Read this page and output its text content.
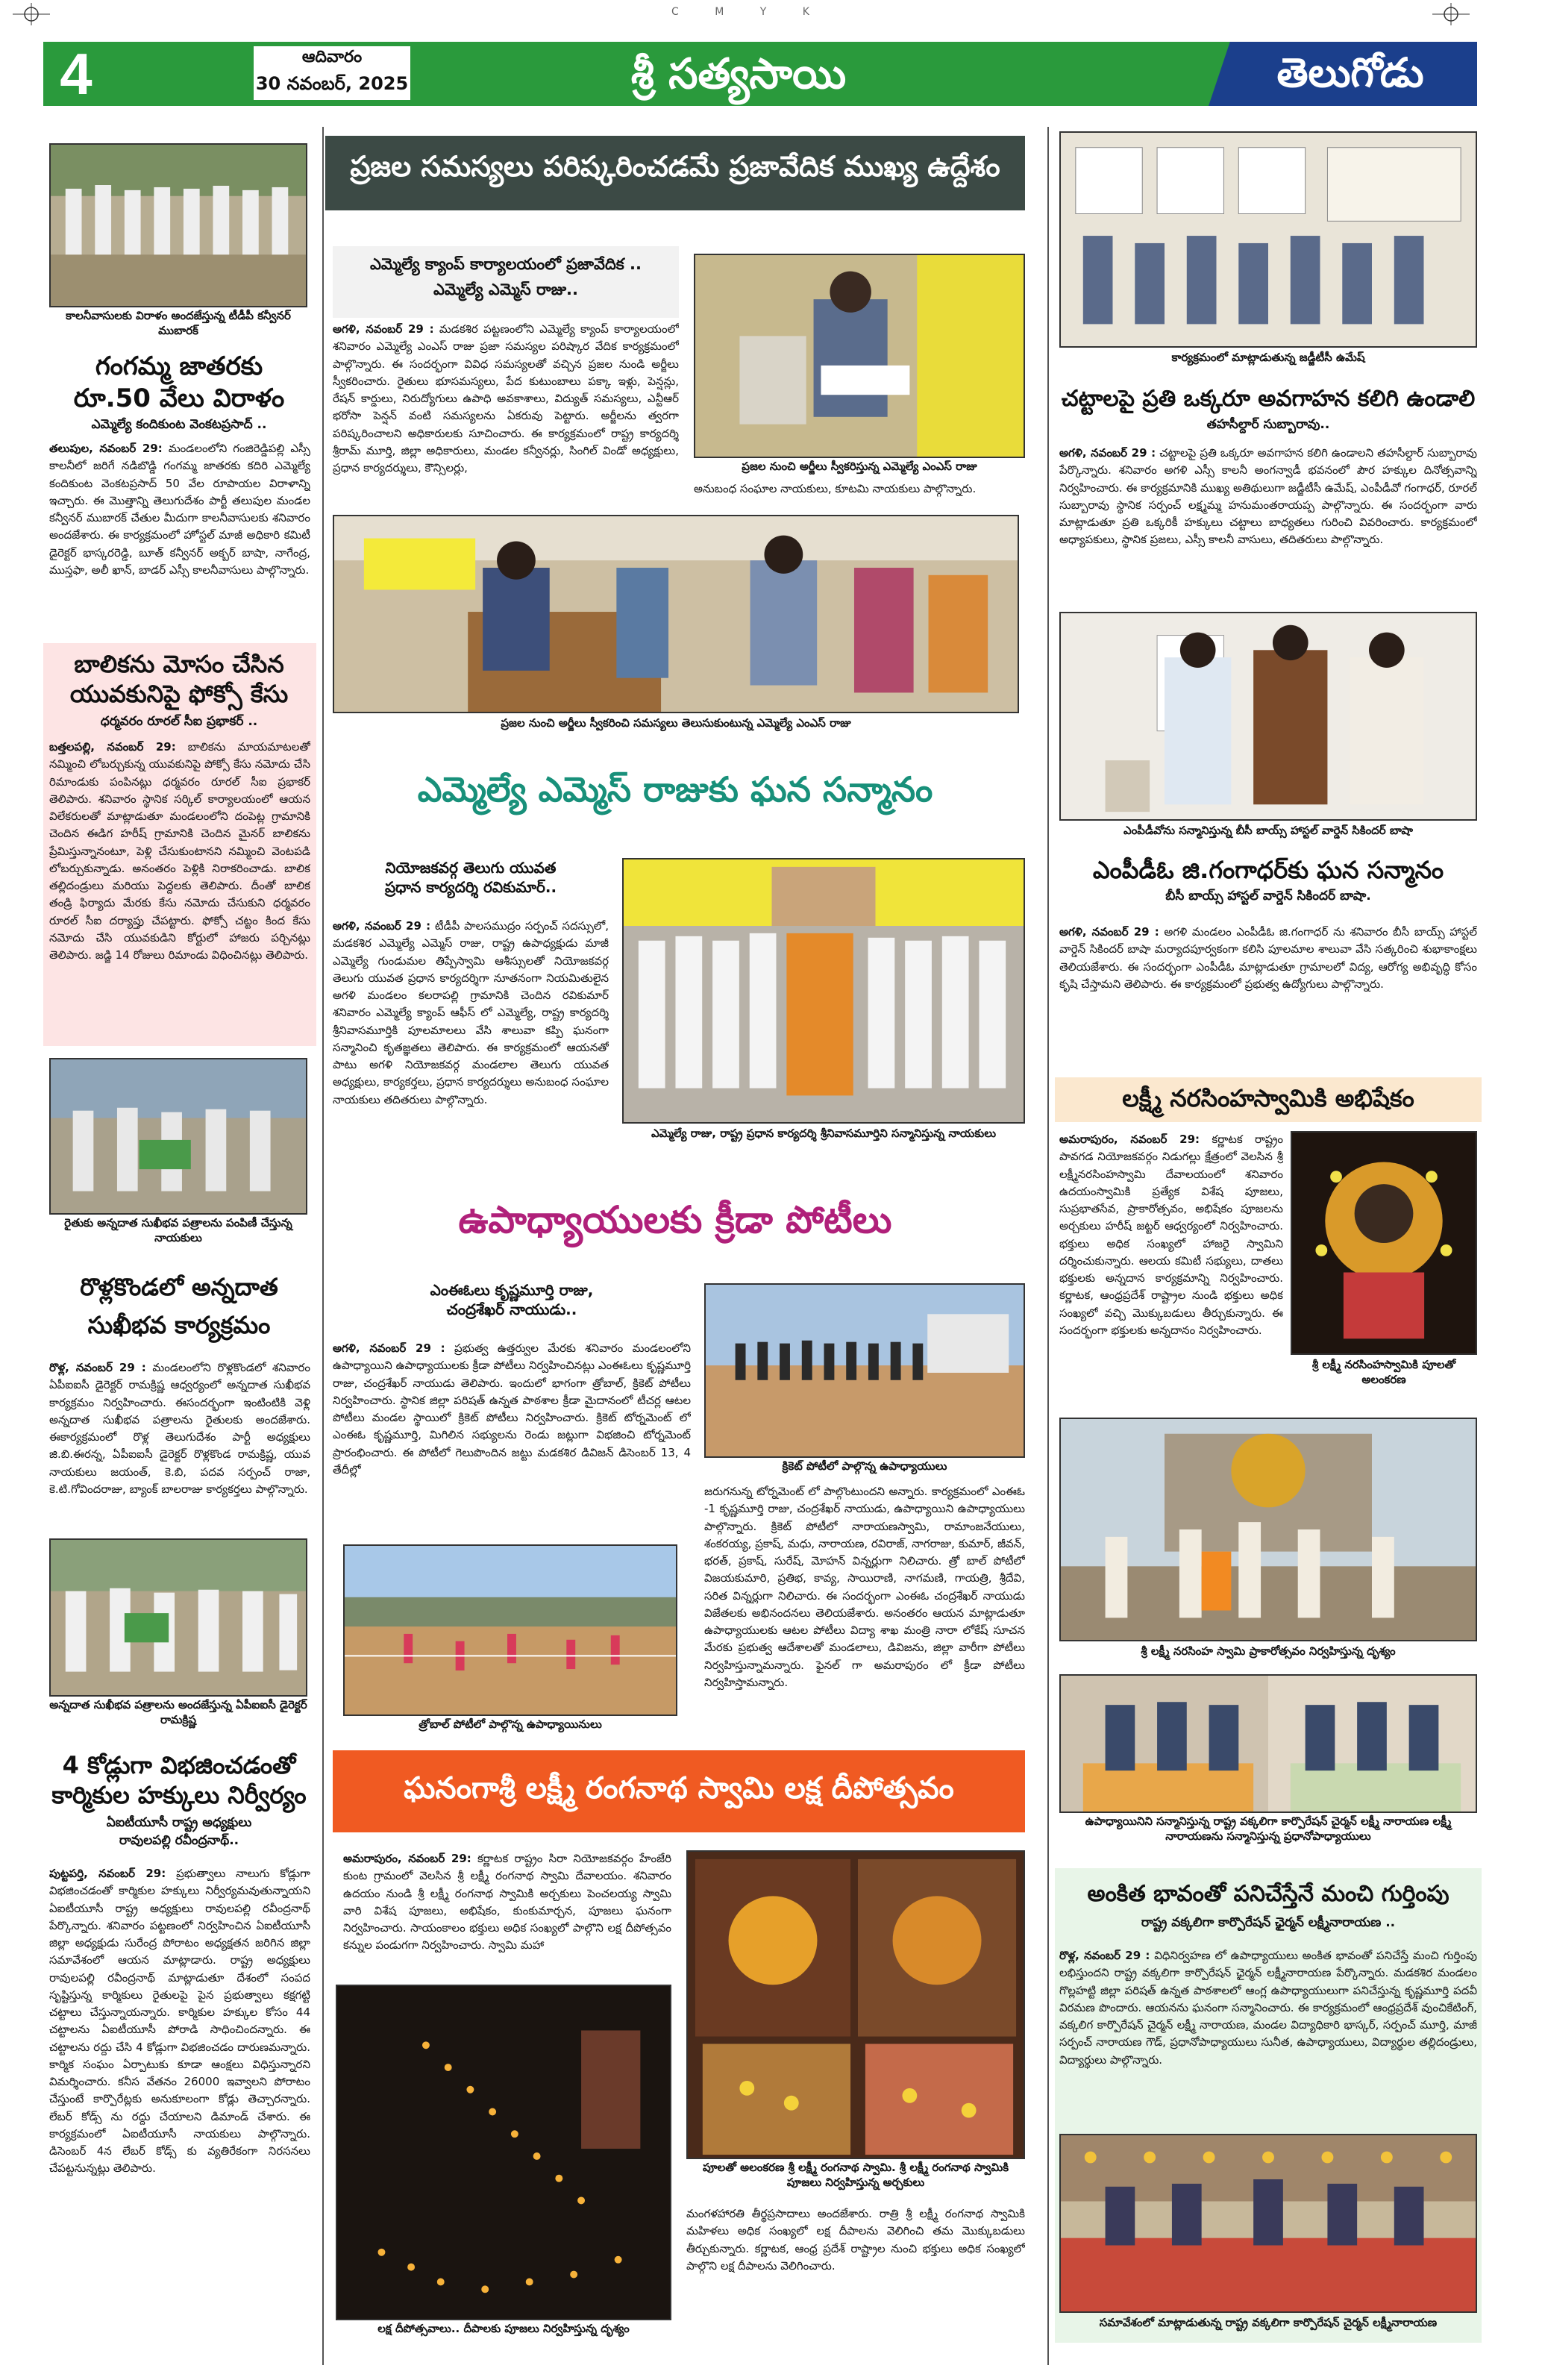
C M Y K
4	ఆదివారం
30 నవంబర్, 2025	శ్రీ సత్యసాయి	తెలుగోడు
కాలనీవాసులకు విరాళం అందజేస్తున్న టీడీపీ కన్వీనర్ ముబారక్
గంగమ్మ జాతరకు
రూ.50 వేలు విరాళం
ఎమ్మెల్యే కందికుంట వెంకటప్రసాద్ ..
తలుపుల, నవంబర్ 29: మండలంలోని గంజిరెడ్డిపల్లి ఎస్సీ కాలనీలో జరిగే నడిబొడ్డి గంగమ్మ జాతరకు కదిరి ఎమ్మెల్యే కందికుంట వెంకటప్రసాద్ 50 వేల రూపాయల విరాళాన్ని ఇచ్చారు. ఈ మొత్తాన్ని తెలుగుదేశం పార్టీ తలుపుల మండల కన్వీనర్ ముబారక్ చేతుల మీదుగా కాలనీవాసులకు శనివారం అందజేశారు. ఈ కార్యక్రమంలో హోస్టల్ మాజీ అధికారి కమిటీ డైరెక్టర్ భాస్కరరెడ్డి, బూత్ కన్వీనర్ అక్బర్ బాషా, నాగేంద్ర, ముస్తఫా, అలీ ఖాన్, బాడర్ ఎస్సీ కాలనీవాసులు పాల్గొన్నారు.
బాలికను మోసం చేసిన
యువకునిపై ఫోక్సో కేసు
ధర్మవరం రూరల్ సీఐ ప్రభాకర్ ..
బత్తలపల్లి, నవంబర్ 29: బాలికను మాయమాటలతో నమ్మించి లోబర్చుకున్న యువకునిపై పోక్సో కేసు నమోదు చేసి రిమాండుకు పంపినట్లు ధర్మవరం రూరల్ సీఐ ప్రభాకర్ తెలిపారు. శనివారం స్థానిక సర్కిల్ కార్యాలయంలో ఆయన విలేకరులతో మాట్లాడుతూ మండలంలోని దంపెట్ల గ్రామానికి చెందిన ఈడిగ హరీష్ గ్రామానికి చెందిన మైనర్ బాలికను ప్రేమిస్తున్నానంటూ, పెళ్లి చేసుకుంటానని నమ్మించి వెంటపడి లోబర్చుకున్నాడు. అనంతరం పెళ్లికి నిరాకరించాడు. బాలిక తల్లిదండ్రులు మరియు పెద్దలకు తెలిపారు. దీంతో బాలిక తండ్రి ఫిర్యాదు మేరకు కేసు నమోదు చేసుకుని ధర్మవరం రూరల్ సీఐ దర్యాప్తు చేపట్టారు. ఫోక్సో చట్టం కింద కేసు నమోదు చేసి యువకుడిని కోర్టులో హాజరు పర్చినట్లు తెలిపారు. జడ్జి 14 రోజులు రిమాండు విధించినట్లు తెలిపారు.
రైతుకు అన్నదాత సుఖీభవ పత్రాలను పంపిణీ చేస్తున్న నాయకులు
రొళ్లకొండలో అన్నదాత
సుఖీభవ కార్యక్రమం
రొళ్ల, నవంబర్ 29 : మండలంలోని రొళ్లకొండలో శనివారం ఏపీఐఐసీ డైరెక్టర్ రామక్రిష్ణ ఆధ్వర్యంలో అన్నదాత సుఖీభవ కార్యక్రమం నిర్వహించారు. ఈసందర్భంగా ఇంటింటికి వెళ్లి అన్నదాత సుఖీభవ పత్రాలను రైతులకు అందజేశారు. ఈకార్యక్రమంలో రొళ్ల తెలుగుదేశం పార్టీ అధ్యక్షులు జి.బి.ఈరన్న, ఏపీఐఐసీ డైరెక్టర్ రొళ్లకొండ రామక్రిష్ణ, యువ నాయకులు జయంత్, కె.బి, పదవ సర్పంచ్ రాజా, కె.టి.గోవిందరాజు, బ్యాంక్ బాలరాజు కార్యకర్తలు పాల్గొన్నారు.
అన్నదాత సుఖీభవ పత్రాలను అందజేస్తున్న ఏపీఐఐసీ డైరెక్టర్ రామక్రిష్ణ
4 కోడ్లుగా విభజించడంతో
కార్మికుల హక్కులు నిర్వీర్యం
ఏఐటీయూసీ రాష్ట్ర అధ్యక్షులు
రావులపల్లి రవీంద్రనాథ్..
పుట్టపర్తి, నవంబర్ 29: ప్రభుత్వాలు నాలుగు కోడ్లుగా విభజించడంతో కార్మికుల హక్కులు నిర్వీర్యమవుతున్నాయని ఏఐటీయూసీ రాష్ట్ర అధ్యక్షులు రావులపల్లి రవీంద్రనాథ్ పేర్కొన్నారు. శనివారం పట్టణంలో నిర్వహించిన ఏఐటీయూసీ జిల్లా అధ్యక్షుడు సురేంద్ర పోరాటం అధ్యక్షతన జరిగిన జిల్లా సమావేశంలో ఆయన మాట్లాడారు. రాష్ట్ర అధ్యక్షులు రావులపల్లి రవీంద్రనాథ్ మాట్లాడుతూ దేశంలో సంపద సృష్టిస్తున్న కార్మికులు రైతులపై పైన ప్రభుత్వాలు కక్షగట్టి చట్టాలు చేస్తున్నాయన్నారు. కార్మికుల హక్కుల కోసం 44 చట్టాలను ఏఐటీయూసీ పోరాడి సాధించిందన్నారు. ఈ చట్టాలను రద్దు చేసి 4 కోడ్లుగా విభజించడం దారుణమన్నారు. కార్మిక సంఘం ఏర్పాటుకు కూడా ఆంక్షలు విధిస్తున్నారని విమర్శించారు. కనీస వేతనం 26000 ఇవ్వాలని పోరాటం చేస్తుంటే కార్పొరేట్లకు అనుకూలంగా కోడ్లు తెచ్చారన్నారు. లేబర్ కోడ్స్ ను రద్దు చేయాలని డిమాండ్ చేశారు. ఈ కార్యక్రమంలో ఏఐటీయూసీ నాయకులు పాల్గొన్నారు. డిసెంబర్ 4న లేబర్ కోడ్స్ కు వ్యతిరేకంగా నిరసనలు చేపట్టనున్నట్లు తెలిపారు.
ప్రజల సమస్యలు పరిష్కరించడమే ప్రజావేదిక ముఖ్య ఉద్దేశం
ఎమ్మెల్యే క్యాంప్ కార్యాలయంలో ప్రజావేదిక ..
ఎమ్మెల్యే ఎమ్మెస్ రాజు..
అగళి, నవంబర్ 29 : మడకశిర పట్టణంలోని ఎమ్మెల్యే క్యాంప్ కార్యాలయంలో శనివారం ఎమ్మెల్యే ఎంఎస్ రాజు ప్రజా సమస్యల పరిష్కార వేదిక కార్యక్రమంలో పాల్గొన్నారు. ఈ సందర్భంగా వివిధ సమస్యలతో వచ్చిన ప్రజల నుండి అర్జీలు స్వీకరించారు. రైతులు భూసమస్యలు, పేద కుటుంబాలు పక్కా ఇళ్లు, పెన్షన్లు, రేషన్ కార్డులు, నిరుద్యోగులు ఉపాధి అవకాశాలు, విద్యుత్ సమస్యలు, ఎన్టీఆర్ భరోసా పెన్షన్ వంటి సమస్యలను ఏకరువు పెట్టారు. అర్జీలను త్వరగా పరిష్కరించాలని అధికారులకు సూచించారు. ఈ కార్యక్రమంలో రాష్ట్ర కార్యదర్శి శ్రీరామ్ మూర్తి, జిల్లా అధికారులు, మండల కన్వీనర్లు, సింగిల్ విండో అధ్యక్షులు, ప్రధాన కార్యదర్శులు, కౌన్సిలర్లు,	ప్రజల నుంచి అర్జీలు స్వీకరిస్తున్న ఎమ్మెల్యే ఎంఎస్ రాజు
అనుబంధ సంఘాల నాయకులు, కూటమి నాయకులు పాల్గొన్నారు.
ప్రజల నుంచి అర్జీలు స్వీకరించి సమస్యలు తెలుసుకుంటున్న ఎమ్మెల్యే ఎంఎస్ రాజు
ఎమ్మెల్యే ఎమ్మెస్ రాజుకు ఘన సన్మానం
నియోజకవర్గ తెలుగు యువత
ప్రధాన కార్యదర్శి రవికుమార్..
అగళి, నవంబర్ 29 : టీడీపీ పాలసముద్రం సర్పంచ్ సదస్సులో, మడకశిర ఎమ్మెల్యే ఎమ్మెస్ రాజు, రాష్ట్ర ఉపాధ్యక్షుడు మాజీ ఎమ్మెల్యే గుండుమల తిప్పేస్వామి ఆశీస్సులతో నియోజకవర్గ తెలుగు యువత ప్రధాన కార్యదర్శిగా నూతనంగా నియమితులైన అగళి మండలం కలరాపల్లి గ్రామానికి చెందిన రవికుమార్ శనివారం ఎమ్మెల్యే క్యాంప్ ఆఫీస్ లో ఎమ్మెల్యే, రాష్ట్ర కార్యదర్శి శ్రీనివాసమూర్తికి పూలమాలలు వేసి శాలువా కప్పి ఘనంగా సన్మానించి కృతజ్ఞతలు తెలిపారు. ఈ కార్యక్రమంలో ఆయనతో పాటు అగళి నియోజకవర్గ మండలాల తెలుగు యువత అధ్యక్షులు, కార్యకర్తలు, ప్రధాన కార్యదర్శులు అనుబంధ సంఘాల నాయకులు తదితరులు పాల్గొన్నారు.
ఎమ్మెల్యే రాజు, రాష్ట్ర ప్రధాన కార్యదర్శి శ్రీనివాసమూర్తిని సన్మానిస్తున్న నాయకులు
ఉపాధ్యాయులకు క్రీడా పోటీలు
ఎంఈఓలు కృష్ణమూర్తి రాజు,
చంద్రశేఖర్ నాయుడు..
అగళి, నవంబర్ 29 : ప్రభుత్వ ఉత్తర్వుల మేరకు శనివారం మండలంలోని ఉపాధ్యాయిని ఉపాధ్యాయులకు క్రీడా పోటీలు నిర్వహించినట్లు ఎంఈఓలు కృష్ణమూర్తి రాజు, చంద్రశేఖర్ నాయుడు తెలిపారు. ఇందులో భాగంగా త్రోబాల్, క్రికెట్ పోటీలు నిర్వహించారు. స్థానిక జిల్లా పరిషత్ ఉన్నత పాఠశాల క్రీడా మైదానంలో టీచర్ల ఆటల పోటీలు మండల స్థాయిలో క్రికెట్ పోటీలు నిర్వహించారు. క్రికెట్ టోర్నమెంట్ లో ఎంఈఓ కృష్ణమూర్తి, మిగిలిన సభ్యులను రెండు జట్లుగా విభజించి టోర్నమెంట్ ప్రారంభించారు. ఈ పోటీలో గెలుపొందిన జట్టు మడకశిర డివిజన్ డిసెంబర్ 13, 4 తేదీల్లో	క్రికెట్ పోటీలో పాల్గొన్న ఉపాధ్యాయులు
త్రోబాల్ పోటీలో పాల్గొన్న ఉపాధ్యాయినులు
జరుగనున్న టోర్నమెంట్ లో పాల్గొంటుందని అన్నారు. కార్యక్రమంలో ఎంఈఓ -1 కృష్ణమూర్తి రాజు, చంద్రశేఖర్ నాయుడు, ఉపాధ్యాయిని ఉపాధ్యాయులు పాల్గొన్నారు. క్రికెట్ పోటీలో నారాయణస్వామి, రామాంజనేయులు, శంకరయ్య, ప్రకాష్, మధు, నారాయణ, రవిరాజ్, నాగరాజు, కుమార్, జీవన్, భరత్, ప్రకాష్, సురేష్, మోహన్ విన్నర్లుగా నిలిచారు. త్రో బాల్ పోటీలో విజయకుమారి, ప్రతిభ, కావ్య, సాయిరాణి, నాగమణి, గాయత్రి, శ్రీదేవి, సరిత విన్నర్లుగా నిలిచారు. ఈ సందర్భంగా ఎంఈఓ చంద్రశేఖర్ నాయుడు విజేతలకు అభినందనలు తెలియజేశారు. అనంతరం ఆయన మాట్లాడుతూ ఉపాధ్యాయులకు ఆటల పోటీలు విద్యా శాఖ మంత్రి నారా లోకేష్ సూచన మేరకు ప్రభుత్వ ఆదేశాలతో మండలాలు, డివిజను, జిల్లా వారీగా పోటీలు నిర్వహిస్తున్నామన్నారు. ఫైనల్ గా అమరాపురం లో క్రీడా పోటీలు నిర్వహిస్తామన్నారు.
ఘనంగాశ్రీ లక్ష్మీ రంగనాథ స్వామి లక్ష దీపోత్సవం
అమరాపురం, నవంబర్ 29: కర్ణాటక రాష్ట్రం సిరా నియోజకవర్గం హేంజేరి కుంట గ్రామంలో వెలసిన శ్రీ లక్ష్మీ రంగనాథ స్వామి దేవాలయం. శనివారం ఉదయం నుండి శ్రీ లక్ష్మీ రంగనాథ స్వామికి అర్చకులు పెంచలయ్య స్వామి వారి విశేష పూజలు, అభిషేకం, కుంకుమార్చన, పూజలు ఘనంగా నిర్వహించారు. సాయంకాలం భక్తులు అధిక సంఖ్యలో పాల్గొని లక్ష దీపోత్సవం కన్నుల పండుగగా నిర్వహించారు. స్వామి మహా
లక్ష దీపోత్సవాలు.. దీపాలకు పూజలు నిర్వహిస్తున్న దృశ్యం
పూలతో అలంకరణ శ్రీ లక్ష్మీ రంగనాథ స్వామి. శ్రీ లక్ష్మీ రంగనాథ స్వామికి పూజలు నిర్వహిస్తున్న అర్చకులు
మంగళహారతి తీర్థప్రసాదాలు అందజేశారు. రాత్రి శ్రీ లక్ష్మీ రంగనాథ స్వామికి మహిళలు అధిక సంఖ్యలో లక్ష దీపాలను వెలిగించి తమ మొక్కుబడులు తీర్చుకున్నారు. కర్ణాటక, ఆంధ్ర ప్రదేశ్ రాష్ట్రాల నుంచి భక్తులు అధిక సంఖ్యలో పాల్గొని లక్ష దీపాలను వెలిగించారు.
కార్యక్రమంలో మాట్లాడుతున్న జడ్జీటీసీ ఉమేష్
చట్టాలపై ప్రతి ఒక్కరూ అవగాహన కలిగి ఉండాలి
తహసీల్దార్ సుబ్బారావు..
అగళి, నవంబర్ 29 : చట్టాలపై ప్రతి ఒక్కరూ అవగాహన కలిగి ఉండాలని తహసీల్దార్ సుబ్బారావు పేర్కొన్నారు. శనివారం అగళి ఎస్సీ కాలనీ అంగన్వాడీ భవనంలో పౌర హక్కుల దినోత్సవాన్ని నిర్వహించారు. ఈ కార్యక్రమానికి ముఖ్య అతిథులుగా జడ్జీటీసీ ఉమేష్, ఎంపీడీవో గంగాధర్, రూరల్ సుబ్బారావు స్థానిక సర్పంచ్ లక్ష్మమ్మ హనుమంతరాయప్ప పాల్గొన్నారు. ఈ సందర్భంగా వారు మాట్లాడుతూ ప్రతి ఒక్కరికీ హక్కులు చట్టాలు బాధ్యతలు గురించి వివరించారు. కార్యక్రమంలో అధ్యాపకులు, స్థానిక ప్రజలు, ఎస్సీ కాలనీ వాసులు, తదితరులు పాల్గొన్నారు.
ఎంపీడీవోను సన్మానిస్తున్న బీసీ బాయ్స్ హాస్టల్ వార్డెన్ సికిందర్ బాషా
ఎంపీడీఓ జి.గంగాధర్‌కు ఘన సన్మానం
బీసీ బాయ్స్ హాస్టల్ వార్డెన్ సికిందర్ బాషా.
అగళి, నవంబర్ 29 : అగళి మండలం ఎంపీడీఓ జి.గంగాధర్ ను శనివారం బీసీ బాయ్స్ హాస్టల్ వార్డెన్ సికిందర్ బాషా మర్యాదపూర్వకంగా కలిసి పూలమాల శాలువా వేసి సత్కరించి శుభాకాంక్షలు తెలియజేశారు. ఈ సందర్భంగా ఎంపీడీఓ మాట్లాడుతూ గ్రామాలలో విద్య, ఆరోగ్య అభివృద్ధి కోసం కృషి చేస్తామని తెలిపారు. ఈ కార్యక్రమంలో ప్రభుత్వ ఉద్యోగులు పాల్గొన్నారు.
లక్ష్మీ నరసింహస్వామికి అభిషేకం
అమరాపురం, నవంబర్ 29: కర్ణాటక రాష్ట్రం పావగడ నియోజకవర్గం నిడుగల్లు క్షేత్రంలో వెలసిన శ్రీ లక్ష్మీనరసింహస్వామి దేవాలయంలో శనివారం ఉదయంస్వామికి ప్రత్యేక విశేష పూజలు, సుప్రభాతసేవ, ప్రాకారోత్సవం, అభిషేకం పూజలను అర్చకులు హరీష్ జట్టర్ ఆధ్వర్యంలో నిర్వహించారు. భక్తులు అధిక సంఖ్యలో హాజరై స్వామిని దర్శించుకున్నారు. ఆలయ కమిటీ సభ్యులు, దాతలు భక్తులకు అన్నదాన కార్యక్రమాన్ని నిర్వహించారు. కర్ణాటక, ఆంధ్రప్రదేశ్ రాష్ట్రాల నుండి భక్తులు అధిక సంఖ్యలో వచ్చి మొక్కుబడులు తీర్చుకున్నారు. ఈ సందర్భంగా భక్తులకు అన్నదానం నిర్వహించారు.
శ్రీ లక్ష్మీ నరసింహస్వామికి పూలతో అలంకరణ
శ్రీ లక్ష్మీ నరసింహ స్వామి ప్రాకారోత్సవం నిర్వహిస్తున్న దృశ్యం
ఉపాధ్యాయినిని సన్మానిస్తున్న రాష్ట్ర వక్కలిగా కార్పొరేషన్ చైర్మన్ లక్ష్మీ నారాయణ లక్ష్మీ నారాయణను సన్మానిస్తున్న ప్రధానోపాధ్యాయులు
అంకిత భావంతో పనిచేస్తేనే మంచి గుర్తింపు
రాష్ట్ర వక్కలిగా కార్పొరేషన్ ఛైర్మన్ లక్ష్మీనారాయణ ..
రొళ్ల, నవంబర్ 29 : విధినిర్వహణ లో ఉపాధ్యాయులు అంకిత భావంతో పనిచేస్తే మంచి గుర్తింపు లభిస్తుందని రాష్ట్ర వక్కలిగా కార్పొరేషన్ ఛైర్మన్ లక్ష్మీనారాయణ పేర్కొన్నారు. మడకశిర మండలం గొల్లహట్టి జిల్లా పరిషత్ ఉన్నత పాఠశాలలో ఆంగ్ల ఉపాధ్యాయులుగా పనిచేస్తున్న కృష్ణమూర్తి పదవీ విరమణ పొందారు. ఆయనను ఘనంగా సన్మానించారు. ఈ కార్యక్రమంలో ఆంధ్రప్రదేశ్ వుంచికేటింగ్, వక్కలిగ కార్పొరేషన్ చైర్మన్ లక్ష్మీ నారాయణ, మండల విద్యాధికారి భాస్కర్, సర్పంచ్ మూర్తి, మాజీ సర్పంచ్ నారాయణ గౌడ్, ప్రధానోపాధ్యాయులు సునీత, ఉపాధ్యాయులు, విద్యార్థుల తల్లిదండ్రులు, విద్యార్థులు పాల్గొన్నారు.
సమావేశంలో మాట్లాడుతున్న రాష్ట్ర వక్కలిగా కార్పొరేషన్ చైర్మన్ లక్ష్మీనారాయణ
